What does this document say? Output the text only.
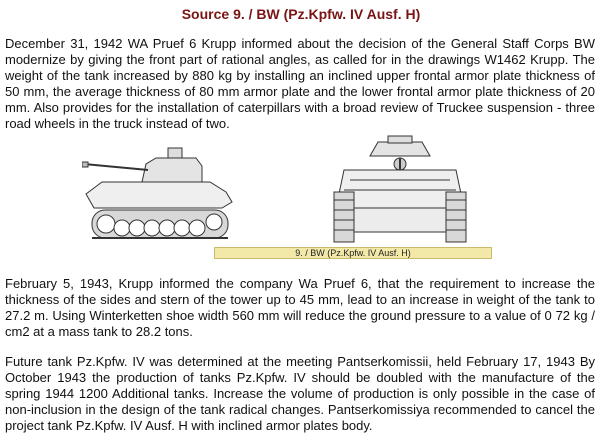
Source 9. / BW (Pz.Kpfw. IV Ausf. H)

December 31, 1942 WA Pruef 6 Krupp informed about the decision of the General Staff Corps BW modernize by giving the front part of rational angles, as called for in the drawings W1462 Krupp. The weight of the tank increased by 880 kg by installing an inclined upper frontal armor plate thickness of 50 mm, the average thickness of 80 mm armor plate and the lower frontal armor plate thickness of 20 mm. Also provides for the installation of caterpillars with a broad review of Truckee suspension - three road wheels in the truck instead of two.

9. / BW (Pz.Kpfw. IV Ausf. H)

February 5, 1943, Krupp informed the company Wa Pruef 6, that the requirement to increase the thickness of the sides and stern of the tower up to 45 mm, lead to an increase in weight of the tank to 27.2 m. Using Winterketten shoe width 560 mm will reduce the ground pressure to a value of 0 72 kg / cm2 at a mass tank to 28.2 tons.

Future tank Pz.Kpfw. IV was determined at the meeting Pantserkomissii, held February 17, 1943 By October 1943 the production of tanks Pz.Kpfw. IV should be doubled with the manufacture of the spring 1944 1200 Additional tanks. Increase the volume of production is only possible in the case of non-inclusion in the design of the tank radical changes. Pantserkomissiya recommended to cancel the project tank Pz.Kpfw. IV Ausf. H with inclined armor plates body.
